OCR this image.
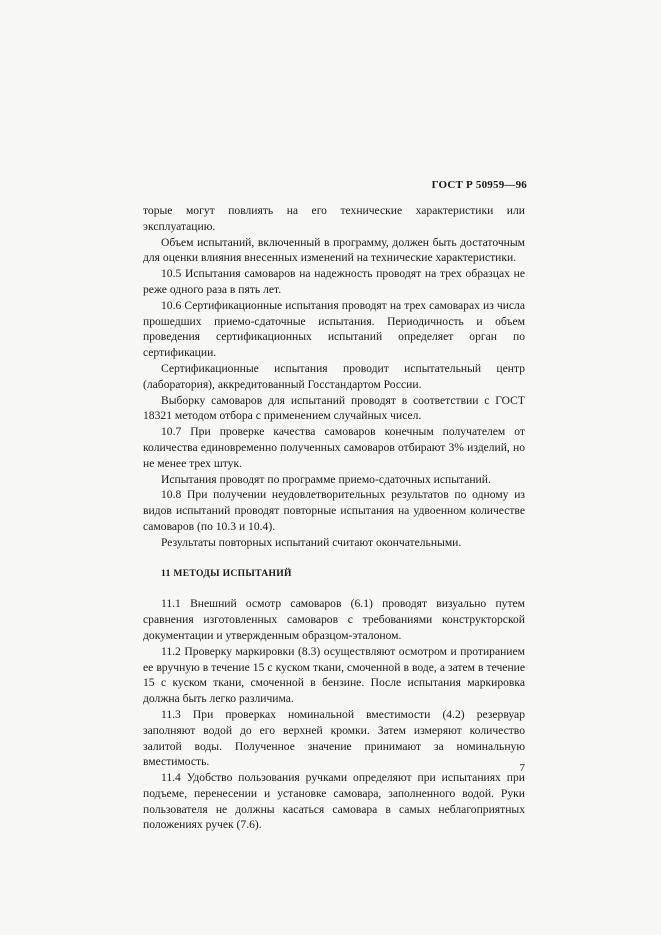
ГОСТ Р 50959—96

торые могут повлиять на его технические характеристики или эксплуатацию.

Объем испытаний, включенный в программу, должен быть достаточным для оценки влияния внесенных изменений на технические характеристики.

10.5 Испытания самоваров на надежность проводят на трех образцах не реже одного раза в пять лет.

10.6 Сертификационные испытания проводят на трех самоварах из числа прошедших приемо-сдаточные испытания. Периодичность и объем проведения сертификационных испытаний определяет орган по сертификации.

Сертификационные испытания проводит испытательный центр (лаборатория), аккредитованный Госстандартом России.

Выборку самоваров для испытаний проводят в соответствии с ГОСТ 18321 методом отбора с применением случайных чисел.

10.7 При проверке качества самоваров конечным получателем от количества единовременно полученных самоваров отбирают 3% изделий, но не менее трех штук.

Испытания проводят по программе приемо-сдаточных испытаний.

10.8 При получении неудовлетворительных результатов по одному из видов испытаний проводят повторные испытания на удвоенном количестве самоваров (по 10.3 и 10.4).

Результаты повторных испытаний считают окончательными.

11 МЕТОДЫ ИСПЫТАНИЙ

11.1 Внешний осмотр самоваров (6.1) проводят визуально путем сравнения изготовленных самоваров с требованиями конструкторской документации и утвержденным образцом-эталоном.

11.2 Проверку маркировки (8.3) осуществляют осмотром и протиранием ее вручную в течение 15 с куском ткани, смоченной в воде, а затем в течение 15 с куском ткани, смоченной в бензине. После испытания маркировка должна быть легко различима.

11.3 При проверках номинальной вместимости (4.2) резервуар заполняют водой до его верхней кромки. Затем измеряют количество залитой воды. Полученное значение принимают за номинальную вместимость.

11.4 Удобство пользования ручками определяют при испытаниях при подъеме, перенесении и установке самовара, заполненного водой. Руки пользователя не должны касаться самовара в самых неблагоприятных положениях ручек (7.6).

7
